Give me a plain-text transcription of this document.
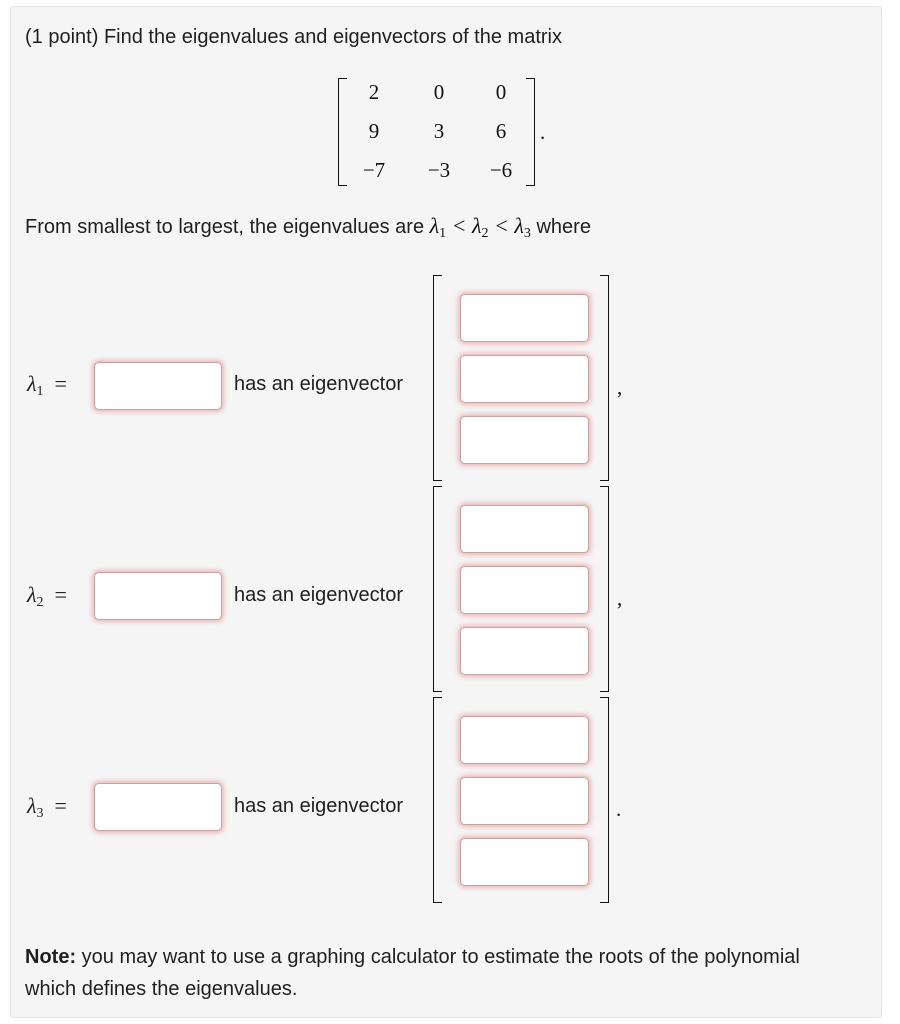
(1 point) Find the eigenvalues and eigenvectors of the matrix
2	0	0
9	3	6
−7	−3	−6
.
From smallest to largest, the eigenvalues are $\lambda_1 < \lambda_2 < \lambda_3$ where
$\lambda_1$ =	has an eigenvector	,
$\lambda_2$ =	has an eigenvector	,
$\lambda_3$ =	has an eigenvector	.
Note: you may want to use a graphing calculator to estimate the roots of the polynomial which defines the eigenvalues.
